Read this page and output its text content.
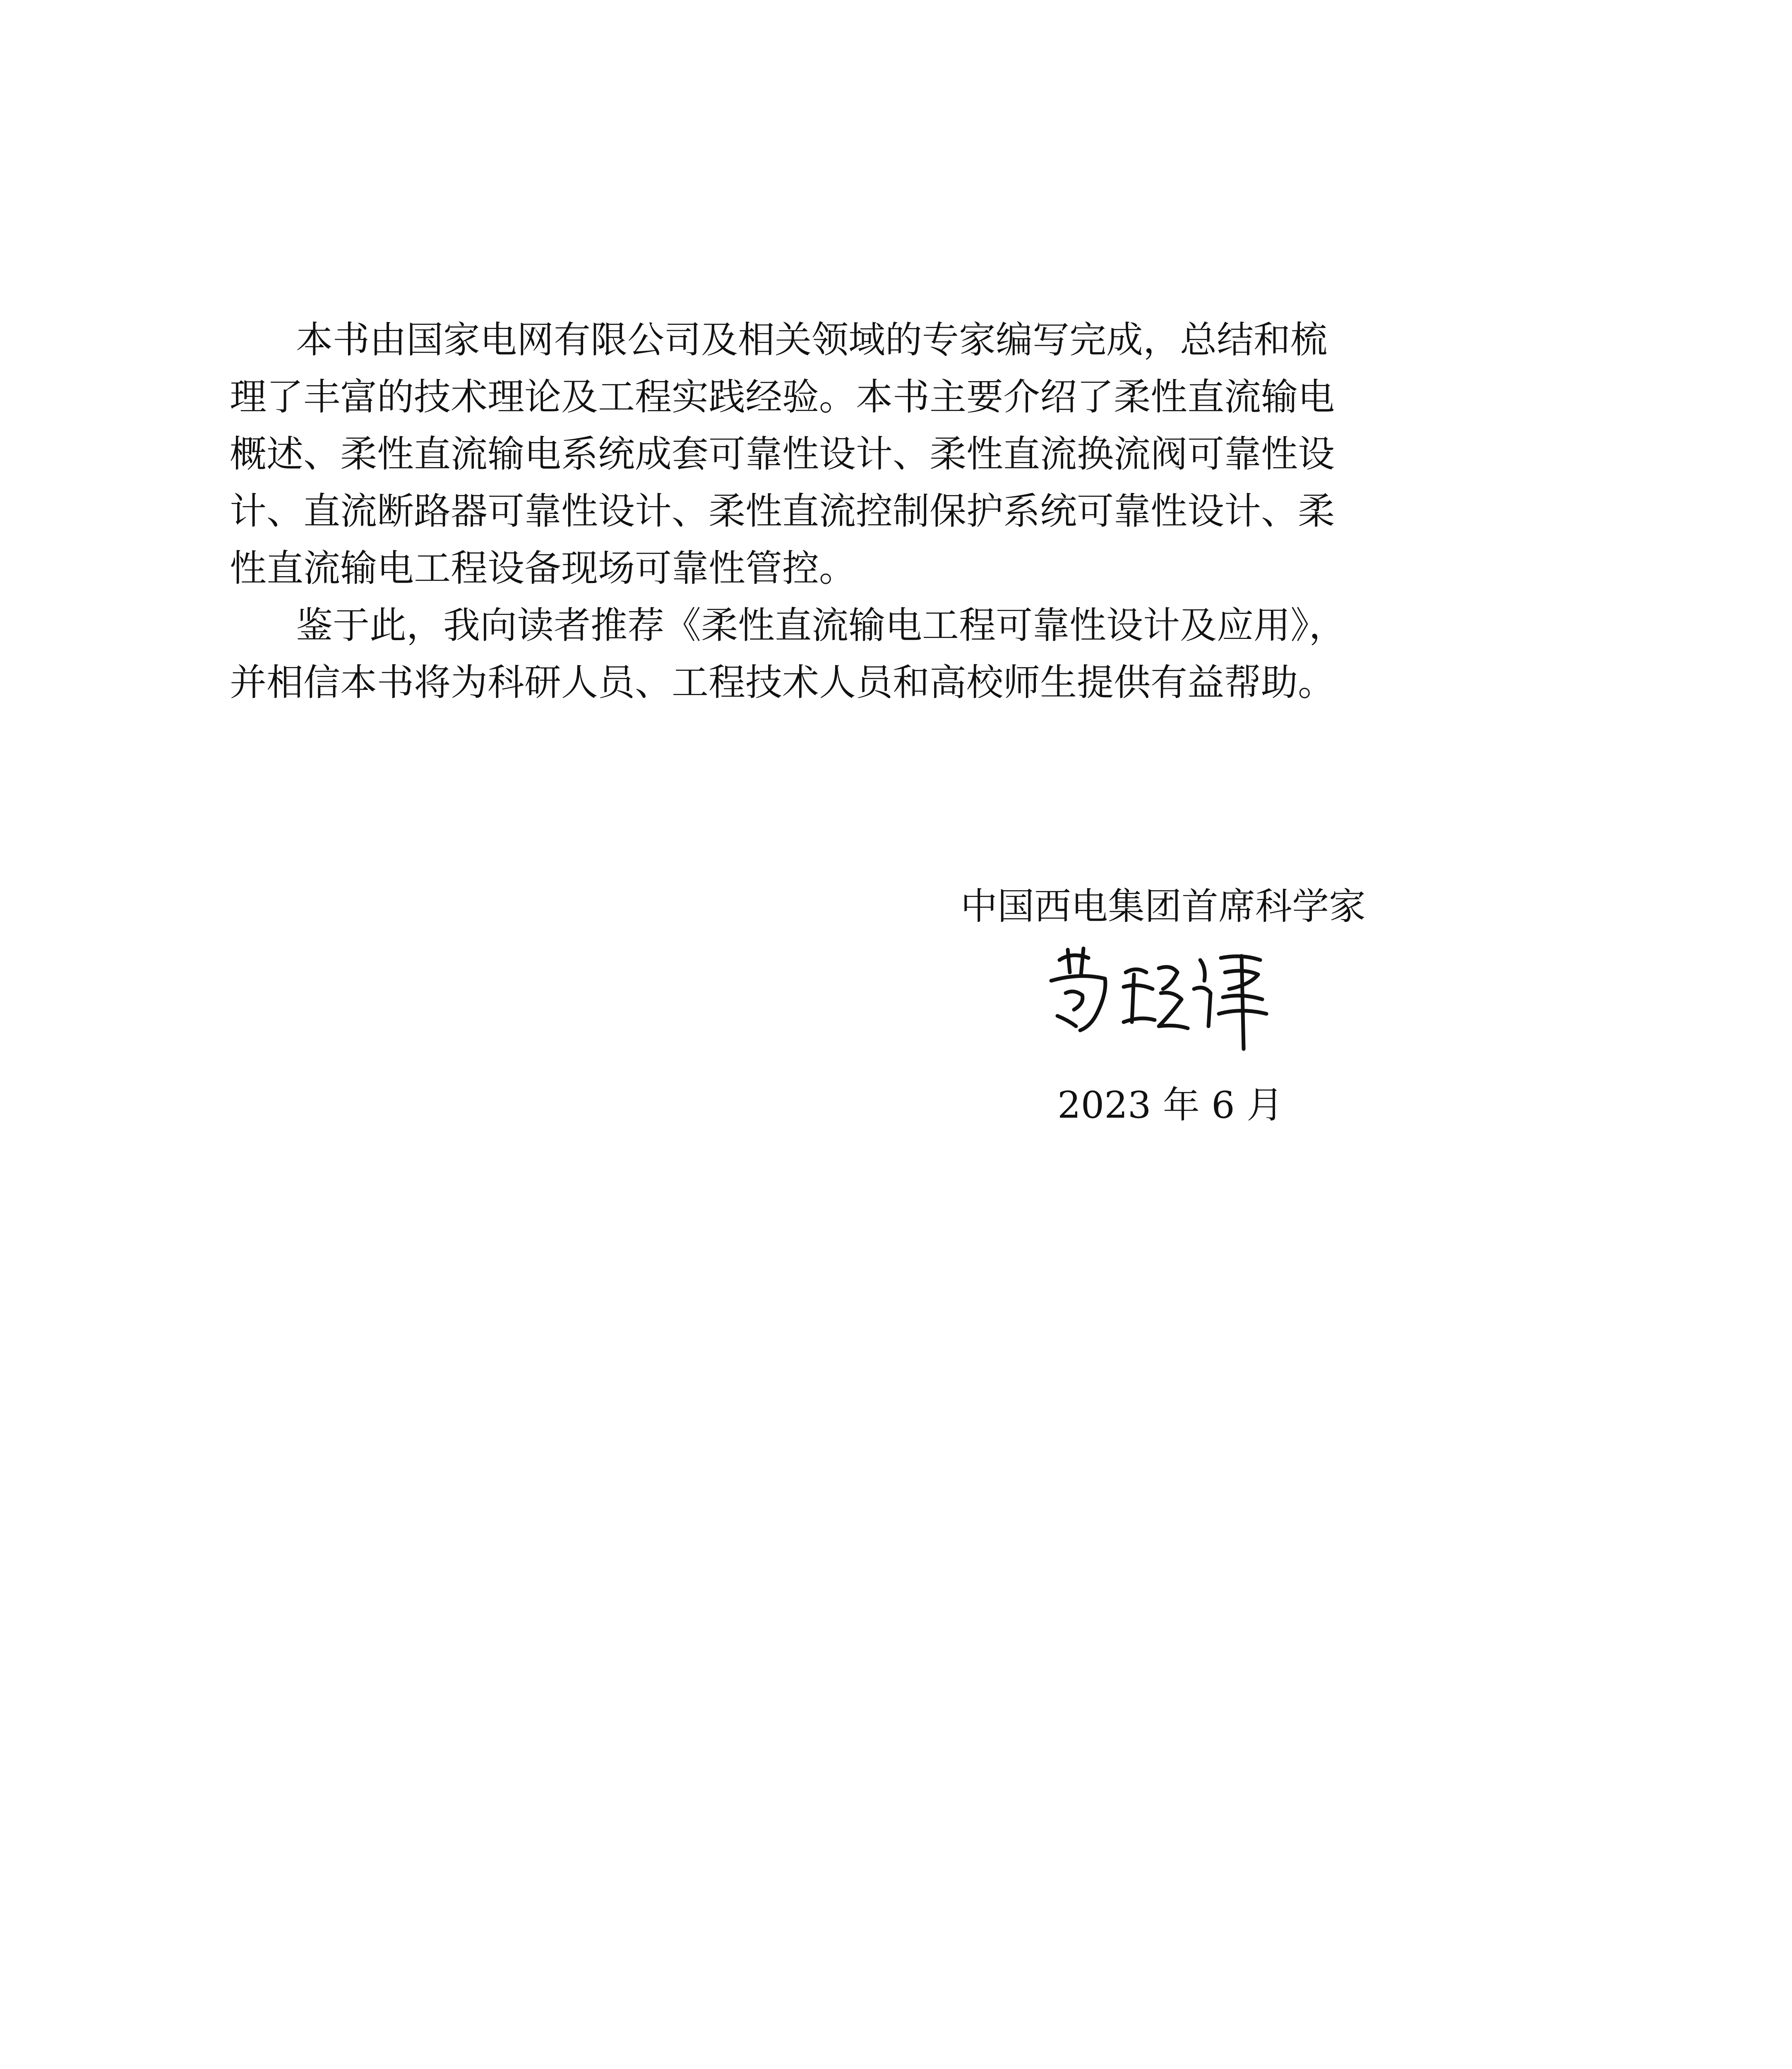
本书由国家电网有限公司及相关领域的专家编写完成，总结和梳
理了丰富的技术理论及工程实践经验。本书主要介绍了柔性直流输电
概述、柔性直流输电系统成套可靠性设计、柔性直流换流阀可靠性设
计、直流断路器可靠性设计、柔性直流控制保护系统可靠性设计、柔
性直流输电工程设备现场可靠性管控。
鉴于此，我向读者推荐《柔性直流输电工程可靠性设计及应用》，
并相信本书将为科研人员、工程技术人员和高校师生提供有益帮助。
中国西电集团首席科学家
2023 年 6 月
